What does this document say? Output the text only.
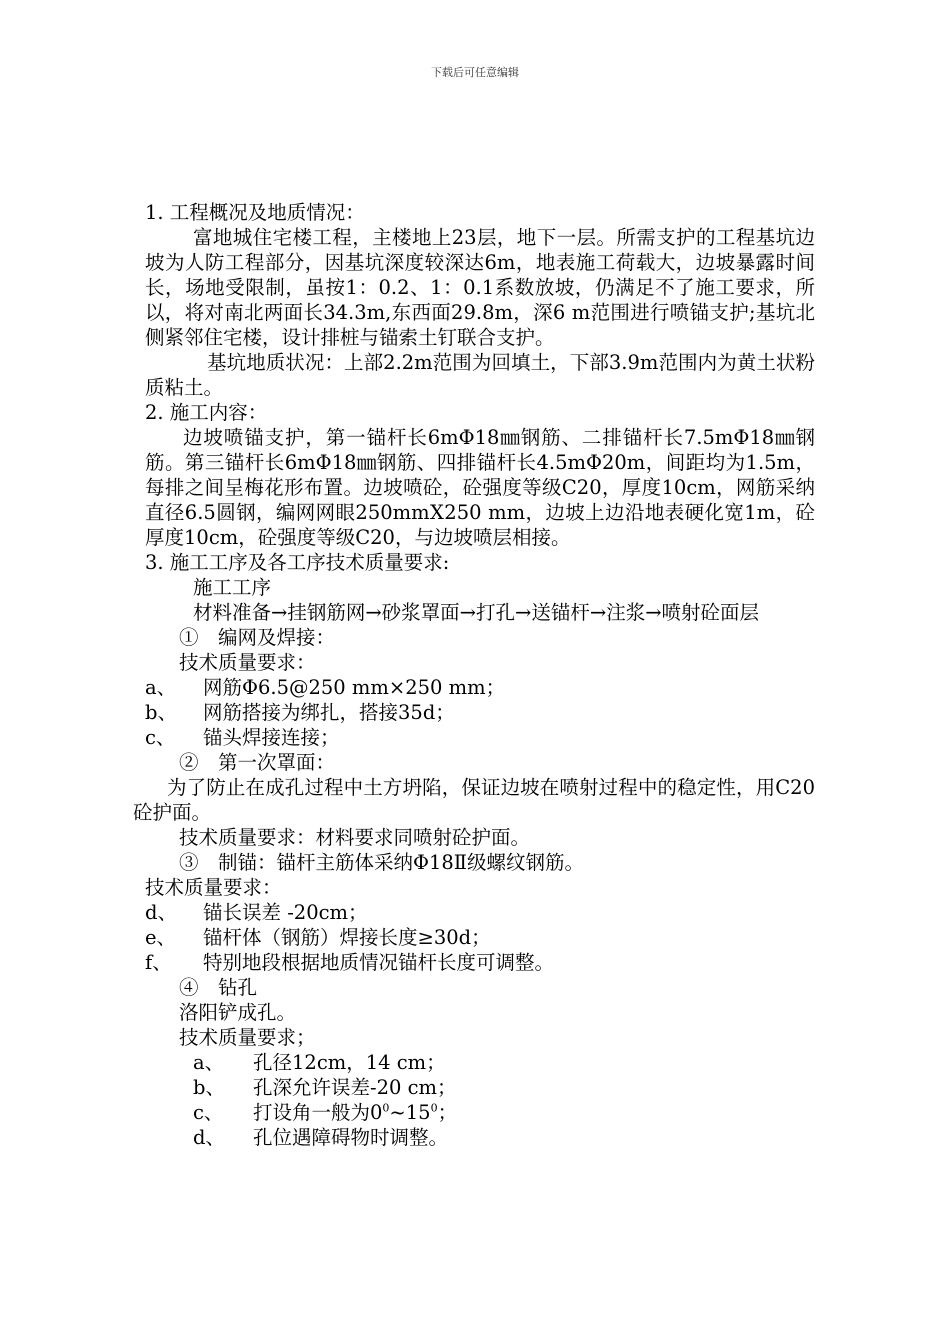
下载后可任意编辑
1. 工程概况及地质情况：
富地城住宅楼工程，主楼地上23层，地下一层。所需支护的工程基坑边坡为人防工程部分，因基坑深度较深达6m，地表施工荷载大，边坡暴露时间长，场地受限制，虽按1：0.2、1：0.1系数放坡，仍满足不了施工要求，所以，将对南北两面长34.3m,东西面29.8m，深6 m范围进行喷锚支护;基坑北侧紧邻住宅楼，设计排桩与锚索土钉联合支护。
基坑地质状况：上部2.2m范围为回填土，下部3.9m范围内为黄土状粉质粘土。
2. 施工内容：
边坡喷锚支护，第一锚杆长6mΦ18㎜钢筋、二排锚杆长7.5mΦ18㎜钢筋。第三锚杆长6mΦ18㎜钢筋、四排锚杆长4.5mΦ20m，间距均为1.5m，每排之间呈梅花形布置。边坡喷砼，砼强度等级C20，厚度10cm，网筋采纳直径6.5圆钢，编网网眼250mmⅩ250 mm，边坡上边沿地表硬化宽1m，砼厚度10cm，砼强度等级C20，与边坡喷层相接。
3. 施工工序及各工序技术质量要求:
施工工序
材料准备→挂钢筋网→砂浆罩面→打孔→送锚杆→注浆→喷射砼面层
①　编网及焊接：
技术质量要求：
a、	网筋Φ6.5@250 mm×250 mm；
b、	网筋搭接为绑扎，搭接35d；
c、	锚头焊接连接；
②　第一次罩面：
为了防止在成孔过程中土方坍陷，保证边坡在喷射过程中的稳定性，用C20砼护面。
技术质量要求：材料要求同喷射砼护面。
③　制锚：锚杆主筋体采纳Φ18Ⅱ级螺纹钢筋。
技术质量要求：
d、	锚长误差 -20cm；
e、	锚杆体（钢筋）焊接长度≥30d；
f、	特别地段根据地质情况锚杆长度可调整。
④　钻孔
洛阳铲成孔。
技术质量要求；
a、	孔径12cm，14 cm；
b、	孔深允许误差-20 cm；
c、	打设角一般为$0^0\sim 15^0$；
d、	孔位遇障碍物时调整。
